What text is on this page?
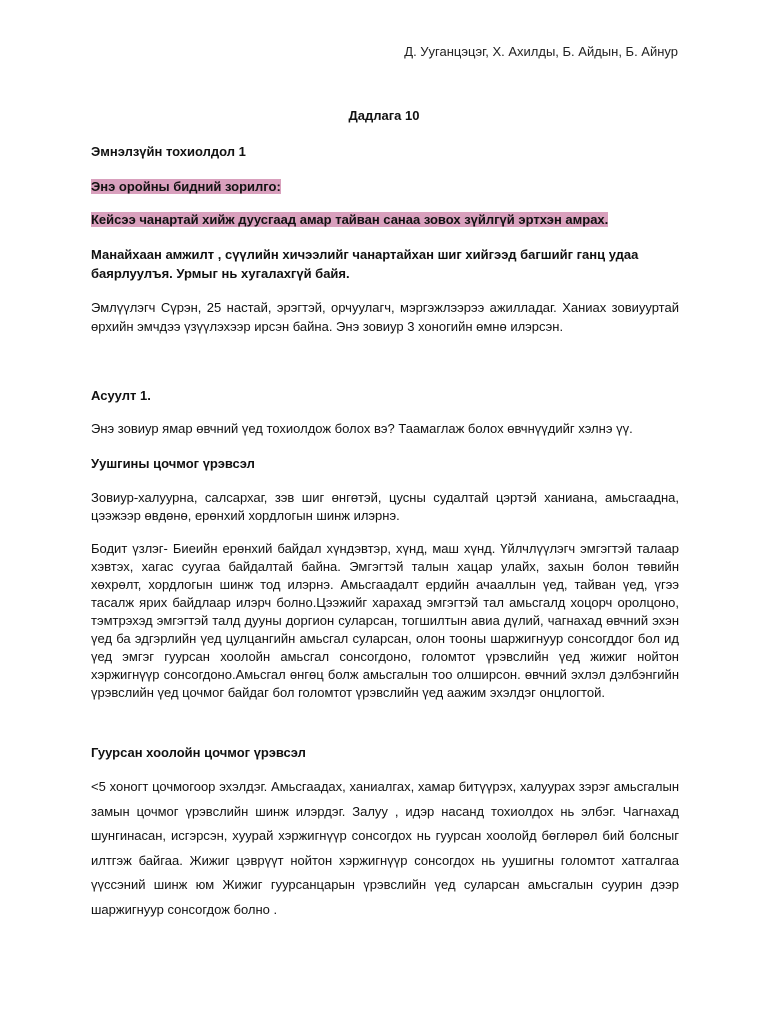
Д. Ууганцэцэг, Х. Ахилды, Б. Айдын, Б. Айнур
Дадлага 10
Эмнэлзүйн тохиолдол 1
Энэ оройны бидний зорилго:
Кейсээ чанартай хийж дуусгаад амар тайван санаа зовох зүйлгүй эртхэн амрах.
Манайхаан амжилт , сүүлийн хичээлийг чанартайхан шиг хийгээд багшийг ганц удаа баярлуулъя. Урмыг нь хугалахгүй байя.
Эмлүүлэгч Сүрэн, 25 настай, эрэгтэй, орчуулагч, мэргэжлээрээ ажилладаг. Ханиах зовиууртай өрхийн эмчдээ үзүүлэхээр ирсэн байна. Энэ зовиур 3 хоногийн өмнө илэрсэн.
Асуулт 1.
Энэ зовиур ямар өвчний үед тохиолдож болох вэ? Таамаглаж болох өвчнүүдийг хэлнэ үү.
Уушгины цочмог үрэвсэл
Зовиур-халуурна, салсархаг, зэв шиг өнгөтэй, цусны судалтай цэртэй ханиана, амьсгаадна, цээжээр өвдөнө, ерөнхий хордлогын шинж илэрнэ.
Бодит үзлэг- Биеийн ерөнхий байдал хүндэвтэр, хүнд, маш хүнд. Үйлчлүүлэгч эмгэгтэй талаар хэвтэх, хагас суугаа байдалтай байна. Эмгэгтэй талын хацар улайх, захын болон төвийн хөхрөлт, хордлогын шинж тод илэрнэ. Амьсгаадалт ердийн ачааллын үед, тайван үед, үгээ тасалж ярих байдлаар илэрч болно.Цээжийг харахад эмгэгтэй тал амьсгалд хоцорч оролцоно, тэмтрэхэд эмгэгтэй талд дууны доргион суларсан, тогшилтын авиа дүлий, чагнахад өвчний эхэн үед ба эдгэрлийн үед цулцангийн амьсгал суларсан, олон тооны шаржигнуур сонсогддог бол ид үед эмгэг гуурсан хоолойн амьсгал сонсогдоно, голомтот үрэвслийн үед жижиг нойтон хэржигнүүр сонсогдоно.Амьсгал өнгөц болж амьсгалын тоо олширсон. өвчний эхлэл дэлбэнгийн үрэвслийн үед цочмог байдаг бол голомтот үрэвслийн үед аажим эхэлдэг онцлогтой.
Гуурсан хоолойн цочмог үрэвсэл
<5 хоногт цочмогоор эхэлдэг. Амьсгаадах, ханиалгах, хамар битүүрэх, халуурах зэрэг амьсгалын замын цочмог үрэвслийн шинж илэрдэг. Залуу , идэр насанд тохиолдох нь элбэг. Чагнахад шунгинасан, исгэрсэн, хуурай хэржигнүүр сонсогдох нь гуурсан хоолойд бөглөрөл бий болсныг илтгэж байгаа. Жижиг цэврүүт нойтон хэржигнүүр сонсогдох нь уушигны голомтот хатгалгаа үүссэний шинж юм Жижиг гуурсанцарын үрэвслийн үед суларсан амьсгалын суурин дээр шаржигнуур сонсогдож болно .
